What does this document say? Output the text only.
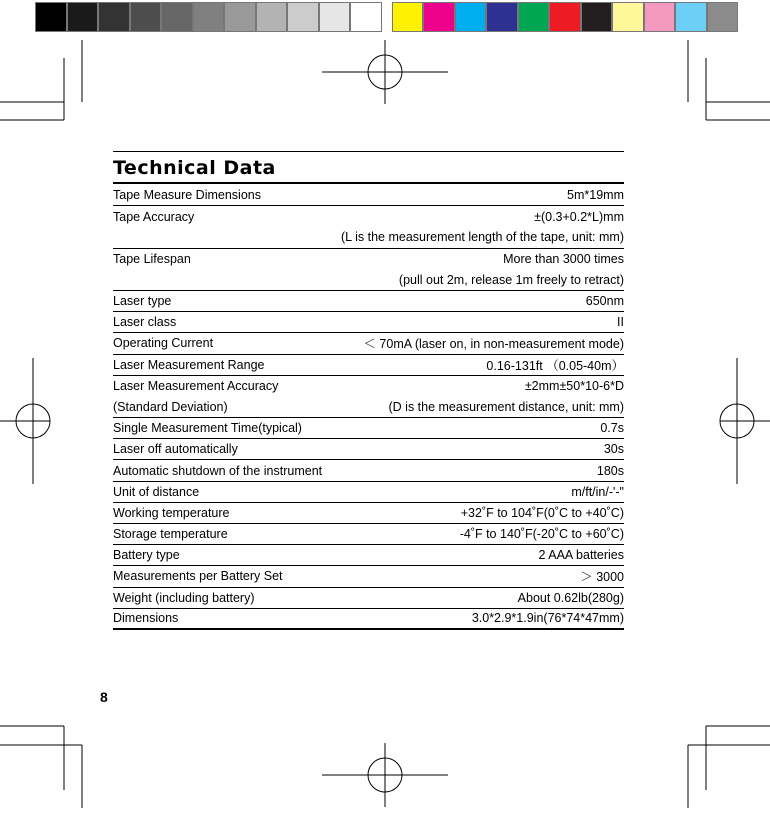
Technical Data
Tape Measure Dimensions	5m*19mm
Tape Accuracy	±(0.3+0.2*L)mm
(L is the measurement length of the tape, unit: mm)
Tape Lifespan	More than 3000 times
(pull out 2m, release 1m freely to retract)
Laser type	650nm
Laser class	II
Operating Current	＜ 70mA (laser on, in non-measurement mode)
Laser Measurement Range	0.16-131ft （0.05-40m）
Laser Measurement Accuracy	±2mm±50*10-6*D
(Standard Deviation)	(D is the measurement distance, unit: mm)
Single Measurement Time(typical)	0.7s
Laser off automatically	30s
Automatic shutdown of the instrument	180s
Unit of distance	m/ft/in/-'-"
Working temperature	+32˚F to 104˚F(0˚C to +40˚C)
Storage temperature	-4˚F to 140˚F(-20˚C to +60˚C)
Battery type	2 AAA batteries
Measurements per Battery Set	＞ 3000
Weight (including battery)	About 0.62lb(280g)
Dimensions	3.0*2.9*1.9in(76*74*47mm)
8
